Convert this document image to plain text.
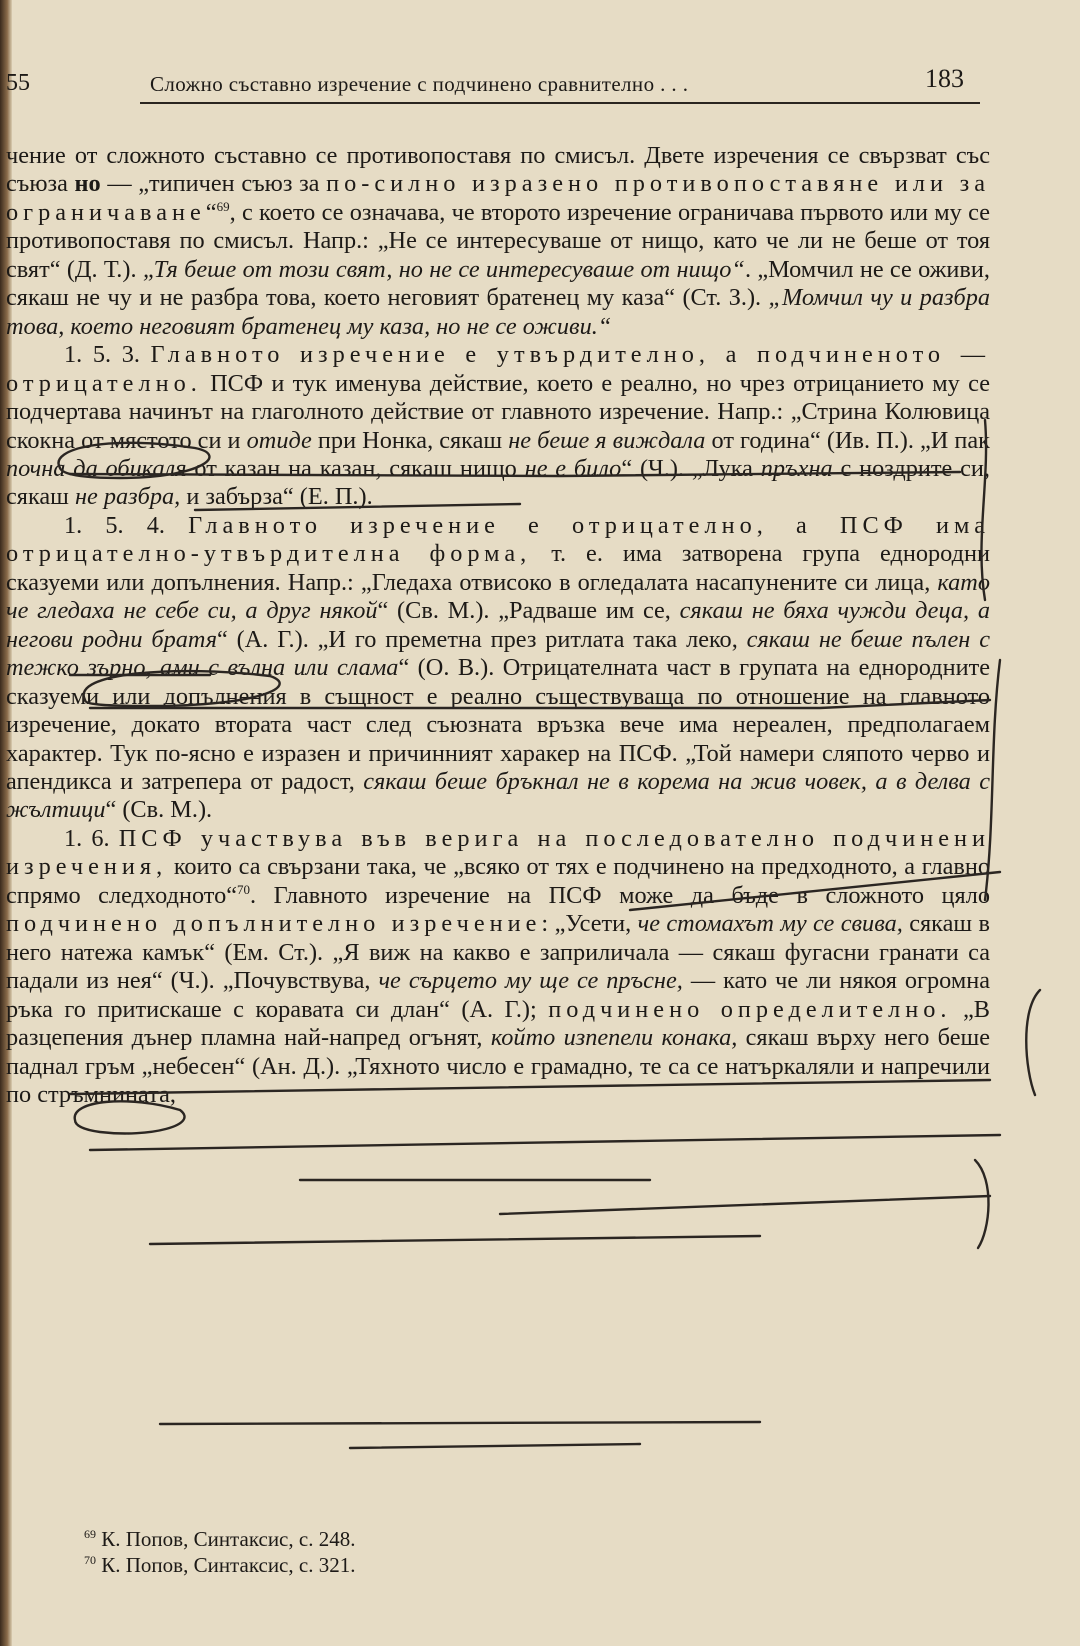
55	Сложно съставно изречение с подчинено сравнително . . .	183

чение от сложното съставно се противопоставя по смисъл. Двете изречения се свързват със съюза но — „типичен съюз за по-силно изразено противопоставяне или за ограничаване“$^{69}$, с което се означава, че второто изречение ограничава първото или му се противопоставя по смисъл. Напр.: „Не се интересуваше от нищо, като че ли не беше от тоя свят“ (Д. Т.). „Тя беше от този свят, но не се интересуваше от нищо“. „Момчил не се оживи, сякаш не чу и не разбра това, което неговият братенец му каза“ (Ст. З.). „Момчил чу и разбра това, което неговият братенец му каза, но не се оживи.“

1. 5. 3. Главното изречение е утвърдително, а подчиненото — отрицателно. ПСФ и тук именува действие, което е реално, но чрез отрицанието му се подчертава начинът на глаголното действие от главното изречение. Напр.: „Стрина Колювица скокна от мястото си и отиде при Нонка, сякаш не беше я виждала от година“ (Ив. П.). „И пак почна да обикаля от казан на казан, сякаш нищо не е било“ (Ч.). „Лука пръхна с ноздрите си, сякаш не разбра, и забърза“ (Е. П.).

1. 5. 4. Главното изречение е отрицателно, а ПСФ има отрицателно-утвърдителна форма, т. е. има затворена група еднородни сказуеми или допълнения. Напр.: „Гледаха отвисоко в огледалата насапунените си лица, като че гледаха не себе си, а друг някой“ (Св. М.). „Радваше им се, сякаш не бяха чужди деца, а негови родни братя“ (А. Г.). „И го преметна през ритлата така леко, сякаш не беше пълен с тежко зърно, ами с вълна или слама“ (О. В.). Отрицателната част в групата на еднородните сказуеми или допълнения в същност е реално съществуваща по отношение на главното изречение, докато втората част след съюзната връзка вече има нереален, предполагаем характер. Тук по-ясно е изразен и причинният харакер на ПСФ. „Той намери сляпото черво и апендикса и затрепера от радост, сякаш беше бръкнал не в корема на жив човек, а в делва с жълтици“ (Св. М.).

1. 6. ПСФ участвува във верига на последователно подчинени изречения, които са свързани така, че „всяко от тях е подчинено на предходното, а главно спрямо следходното“$^{70}$. Главното изречение на ПСФ може да бъде в сложното цяло подчинено допълнително изречение: „Усети, че стомахът му се свива, сякаш в него натежа камък“ (Ем. Ст.). „Я виж на какво е заприличала — сякаш фугасни гранати са падали из нея“ (Ч.). „Почувствува, че сърцето му ще се пръсне, — като че ли някоя огромна ръка го притискаше с коравата си длан“ (А. Г.); подчинено определително. „В разцепения дънер пламна най-напред огънят, който изпепели конака, сякаш върху него беше паднал гръм „небесен“ (Ан. Д.). „Тяхното число е грамадно, те са се натъркаляли и напречили по стръмнината,

$^{69}$ К. Попов, Синтаксис, с. 248.
$^{70}$ К. Попов, Синтаксис, с. 321.
